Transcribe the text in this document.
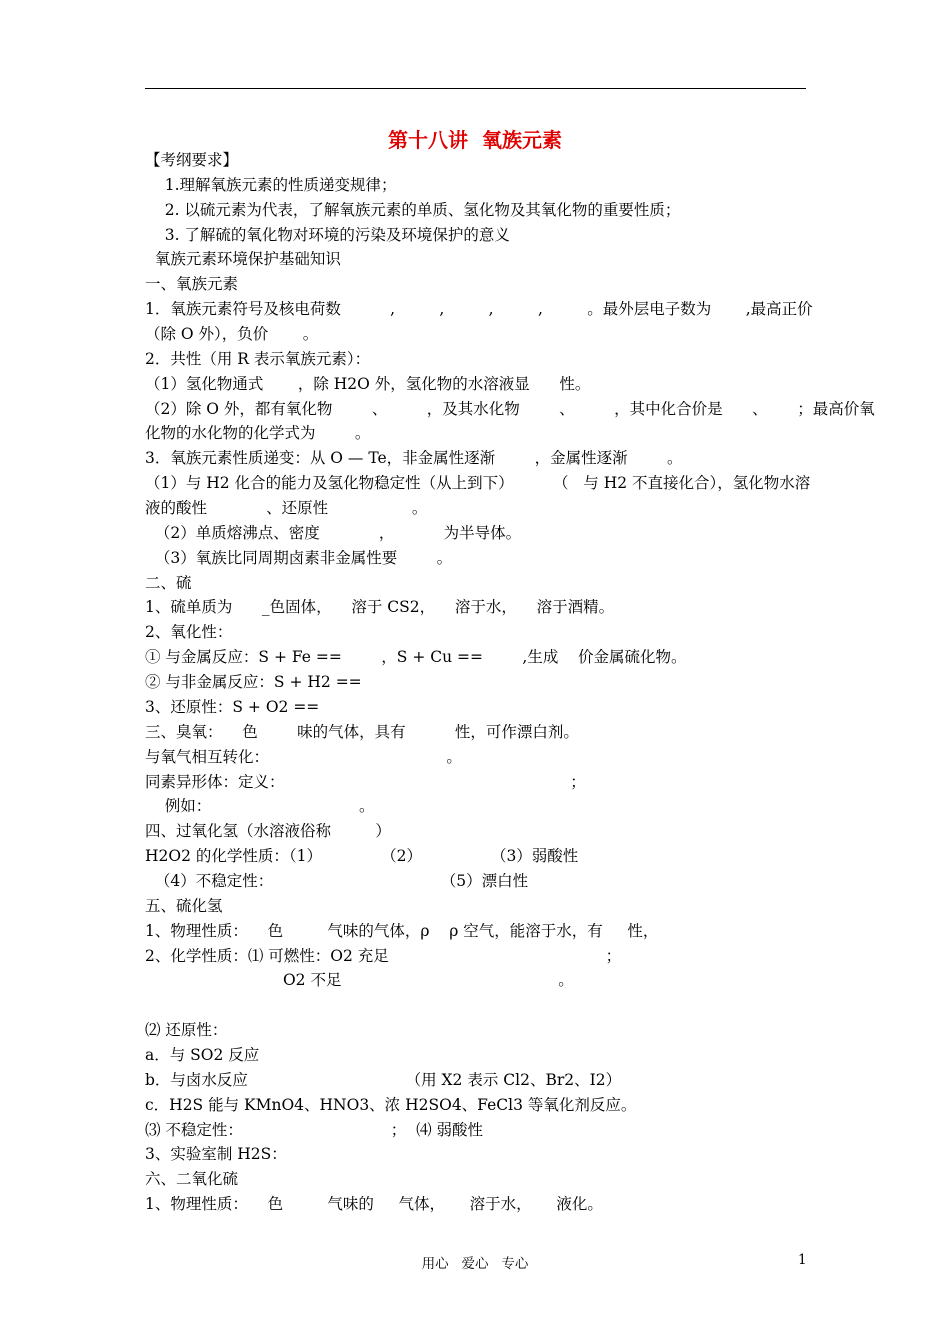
第十八讲  氧族元素
【考纲要求】
1.理解氧族元素的性质递变规律；
2. 以硫元素为代表，了解氧族元素的单质、氢化物及其氧化物的重要性质；
3. 了解硫的氧化物对环境的污染及环境保护的意义
氧族元素环境保护基础知识
一、氧族元素
1．氧族元素符号及核电荷数          ,         ,         ,         ,         。最外层电子数为       ,最高正价
（除 O 外），负价       。
2．共性（用 R 表示氧族元素）：
（1）氢化物通式       ，除 H2O 外，氢化物的水溶液显      性。
（2）除 O 外，都有氧化物        、        ，及其水化物        、        ，其中化合价是      、      ；最高价氧
化物的水化物的化学式为        。
3．氧族元素性质递变：从 O — Te，非金属性逐渐        ，金属性逐渐        。
（1）与 H2 化合的能力及氢化物稳定性（从上到下）        （   与 H2 不直接化合），氢化物水溶
液的酸性            、还原性                 。
（2）单质熔沸点、密度            ，          为半导体。
（3）氧族比同周期卤素非金属性要        。
二、硫
1、硫单质为      _色固体，    溶于 CS2，    溶于水，    溶于酒精。
2、氧化性：
① 与金属反应：S + Fe ==        ，S + Cu ==        ,生成    价金属硫化物。
② 与非金属反应：S + H2 ==
3、还原性：S + O2 ==
三、臭氧：    色        味的气体，具有          性，可作漂白剂。
与氧气相互转化：                                    。
同素异形体：定义：                                                          ；
例如：                              。
四、过氧化氢（水溶液俗称         ）
H2O2 的化学性质：（1）            （2）              （3）弱酸性
（4）不稳定性：                                  （5）漂白性
五、硫化氢
1、物理性质：    色         气味的气体，ρ    ρ 空气，能溶于水，有     性，
2、化学性质：⑴ 可燃性：O2 充足                                            ；
O2 不足                                            。
⑵ 还原性：
a．与 SO2 反应
b．与卤水反应                                （用 X2 表示 Cl2、Br2、I2）
c．H2S 能与 KMnO4、HNO3、浓 H2SO4、FeCl3 等氧化剂反应。
⑶ 不稳定性：                              ；  ⑷ 弱酸性
3、实验室制 H2S：
六、二氧化硫
1、物理性质：    色         气味的     气体，     溶于水，     液化。
用心   爱心   专心	1
